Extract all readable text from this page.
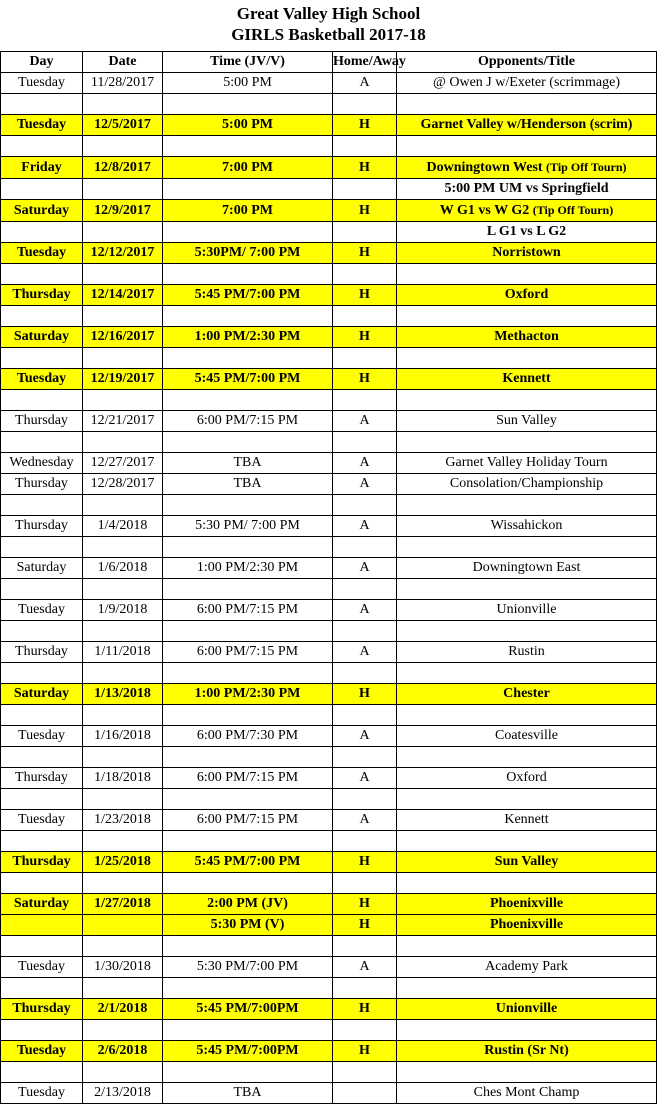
Great Valley High School
GIRLS Basketball 2017-18
Day	Date	Time (JV/V)	Home/Away	Opponents/Title
Tuesday	11/28/2017	5:00 PM	A	@ Owen J w/Exeter (scrimmage)

Tuesday	12/5/2017	5:00 PM	H	Garnet Valley w/Henderson (scrim)

Friday	12/8/2017	7:00 PM	H	Downingtown West (Tip Off Tourn)
				5:00 PM UM vs Springfield
Saturday	12/9/2017	7:00 PM	H	W G1 vs W G2 (Tip Off Tourn)
				L G1 vs L G2
Tuesday	12/12/2017	5:30PM/ 7:00 PM	H	Norristown

Thursday	12/14/2017	5:45 PM/7:00 PM	H	Oxford

Saturday	12/16/2017	1:00 PM/2:30 PM	H	Methacton

Tuesday	12/19/2017	5:45 PM/7:00 PM	H	Kennett

Thursday	12/21/2017	6:00 PM/7:15 PM	A	Sun Valley

Wednesday	12/27/2017	TBA	A	Garnet Valley Holiday Tourn
Thursday	12/28/2017	TBA	A	Consolation/Championship

Thursday	1/4/2018	5:30 PM/ 7:00 PM	A	Wissahickon

Saturday	1/6/2018	1:00 PM/2:30 PM	A	Downingtown East

Tuesday	1/9/2018	6:00 PM/7:15 PM	A	Unionville

Thursday	1/11/2018	6:00 PM/7:15 PM	A	Rustin

Saturday	1/13/2018	1:00 PM/2:30 PM	H	Chester

Tuesday	1/16/2018	6:00 PM/7:30 PM	A	Coatesville

Thursday	1/18/2018	6:00 PM/7:15 PM	A	Oxford

Tuesday	1/23/2018	6:00 PM/7:15 PM	A	Kennett

Thursday	1/25/2018	5:45 PM/7:00 PM	H	Sun Valley

Saturday	1/27/2018	2:00 PM (JV)	H	Phoenixville
		5:30 PM (V)	H	Phoenixville

Tuesday	1/30/2018	5:30 PM/7:00 PM	A	Academy Park

Thursday	2/1/2018	5:45 PM/7:00PM	H	Unionville

Tuesday	2/6/2018	5:45 PM/7:00PM	H	Rustin (Sr Nt)

Tuesday	2/13/2018	TBA		Ches Mont Champ
